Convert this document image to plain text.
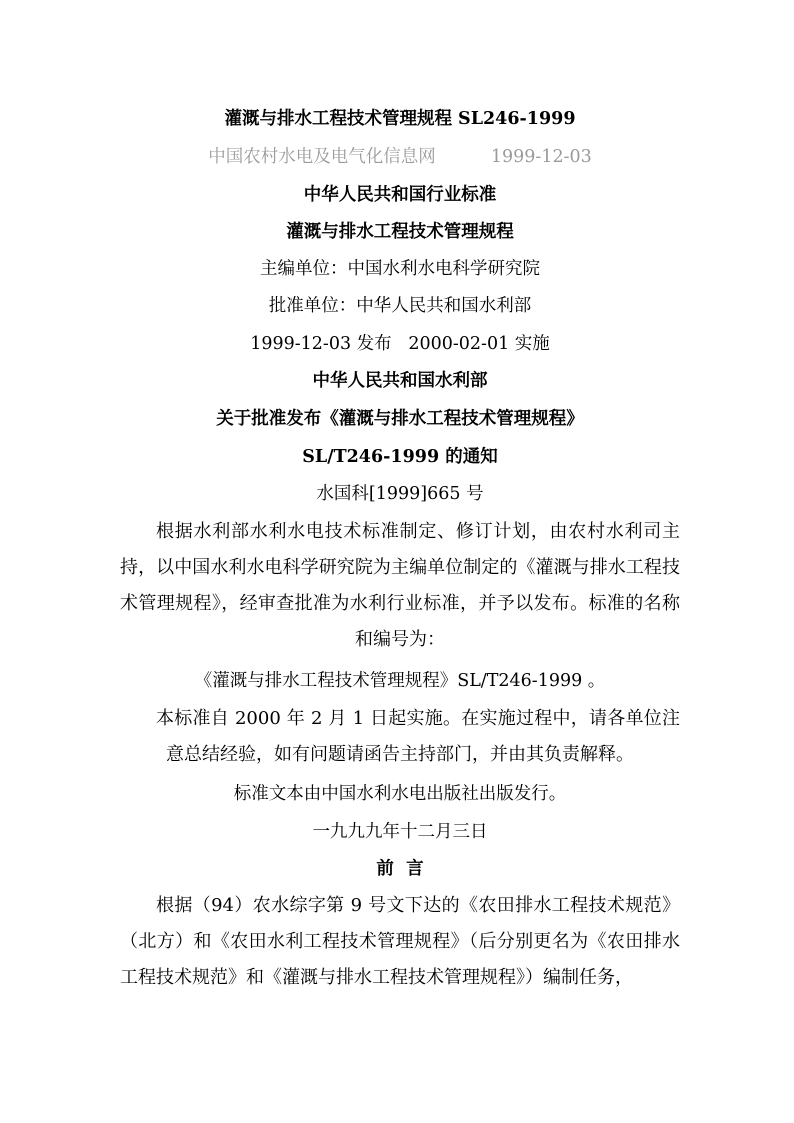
灌溉与排水工程技术管理规程 SL246-1999
中国农村水电及电气化信息网	1999-12-03
中华人民共和国行业标准
灌溉与排水工程技术管理规程
主编单位：中国水利水电科学研究院
批准单位：中华人民共和国水利部
1999-12-03 发布   2000-02-01 实施
中华人民共和国水利部
关于批准发布《灌溉与排水工程技术管理规程》
SL/T246-1999 的通知
水国科[1999]665 号
根据水利部水利水电技术标准制定、修订计划，由农村水利司主持，以中国水利水电科学研究院为主编单位制定的《灌溉与排水工程技术管理规程》，经审查批准为水利行业标准，并予以发布。标准的名称和编号为：
《灌溉与排水工程技术管理规程》SL/T246-1999 。
本标准自 2000 年 2 月 1 日起实施。在实施过程中，请各单位注意总结经验，如有问题请函告主持部门，并由其负责解释。
标准文本由中国水利水电出版社出版发行。
一九九九年十二月三日
前  言
根据（94）农水综字第 9 号文下达的《农田排水工程技术规范》（北方）和《农田水利工程技术管理规程》（后分别更名为《农田排水工程技术规范》和《灌溉与排水工程技术管理规程》）编制任务，
